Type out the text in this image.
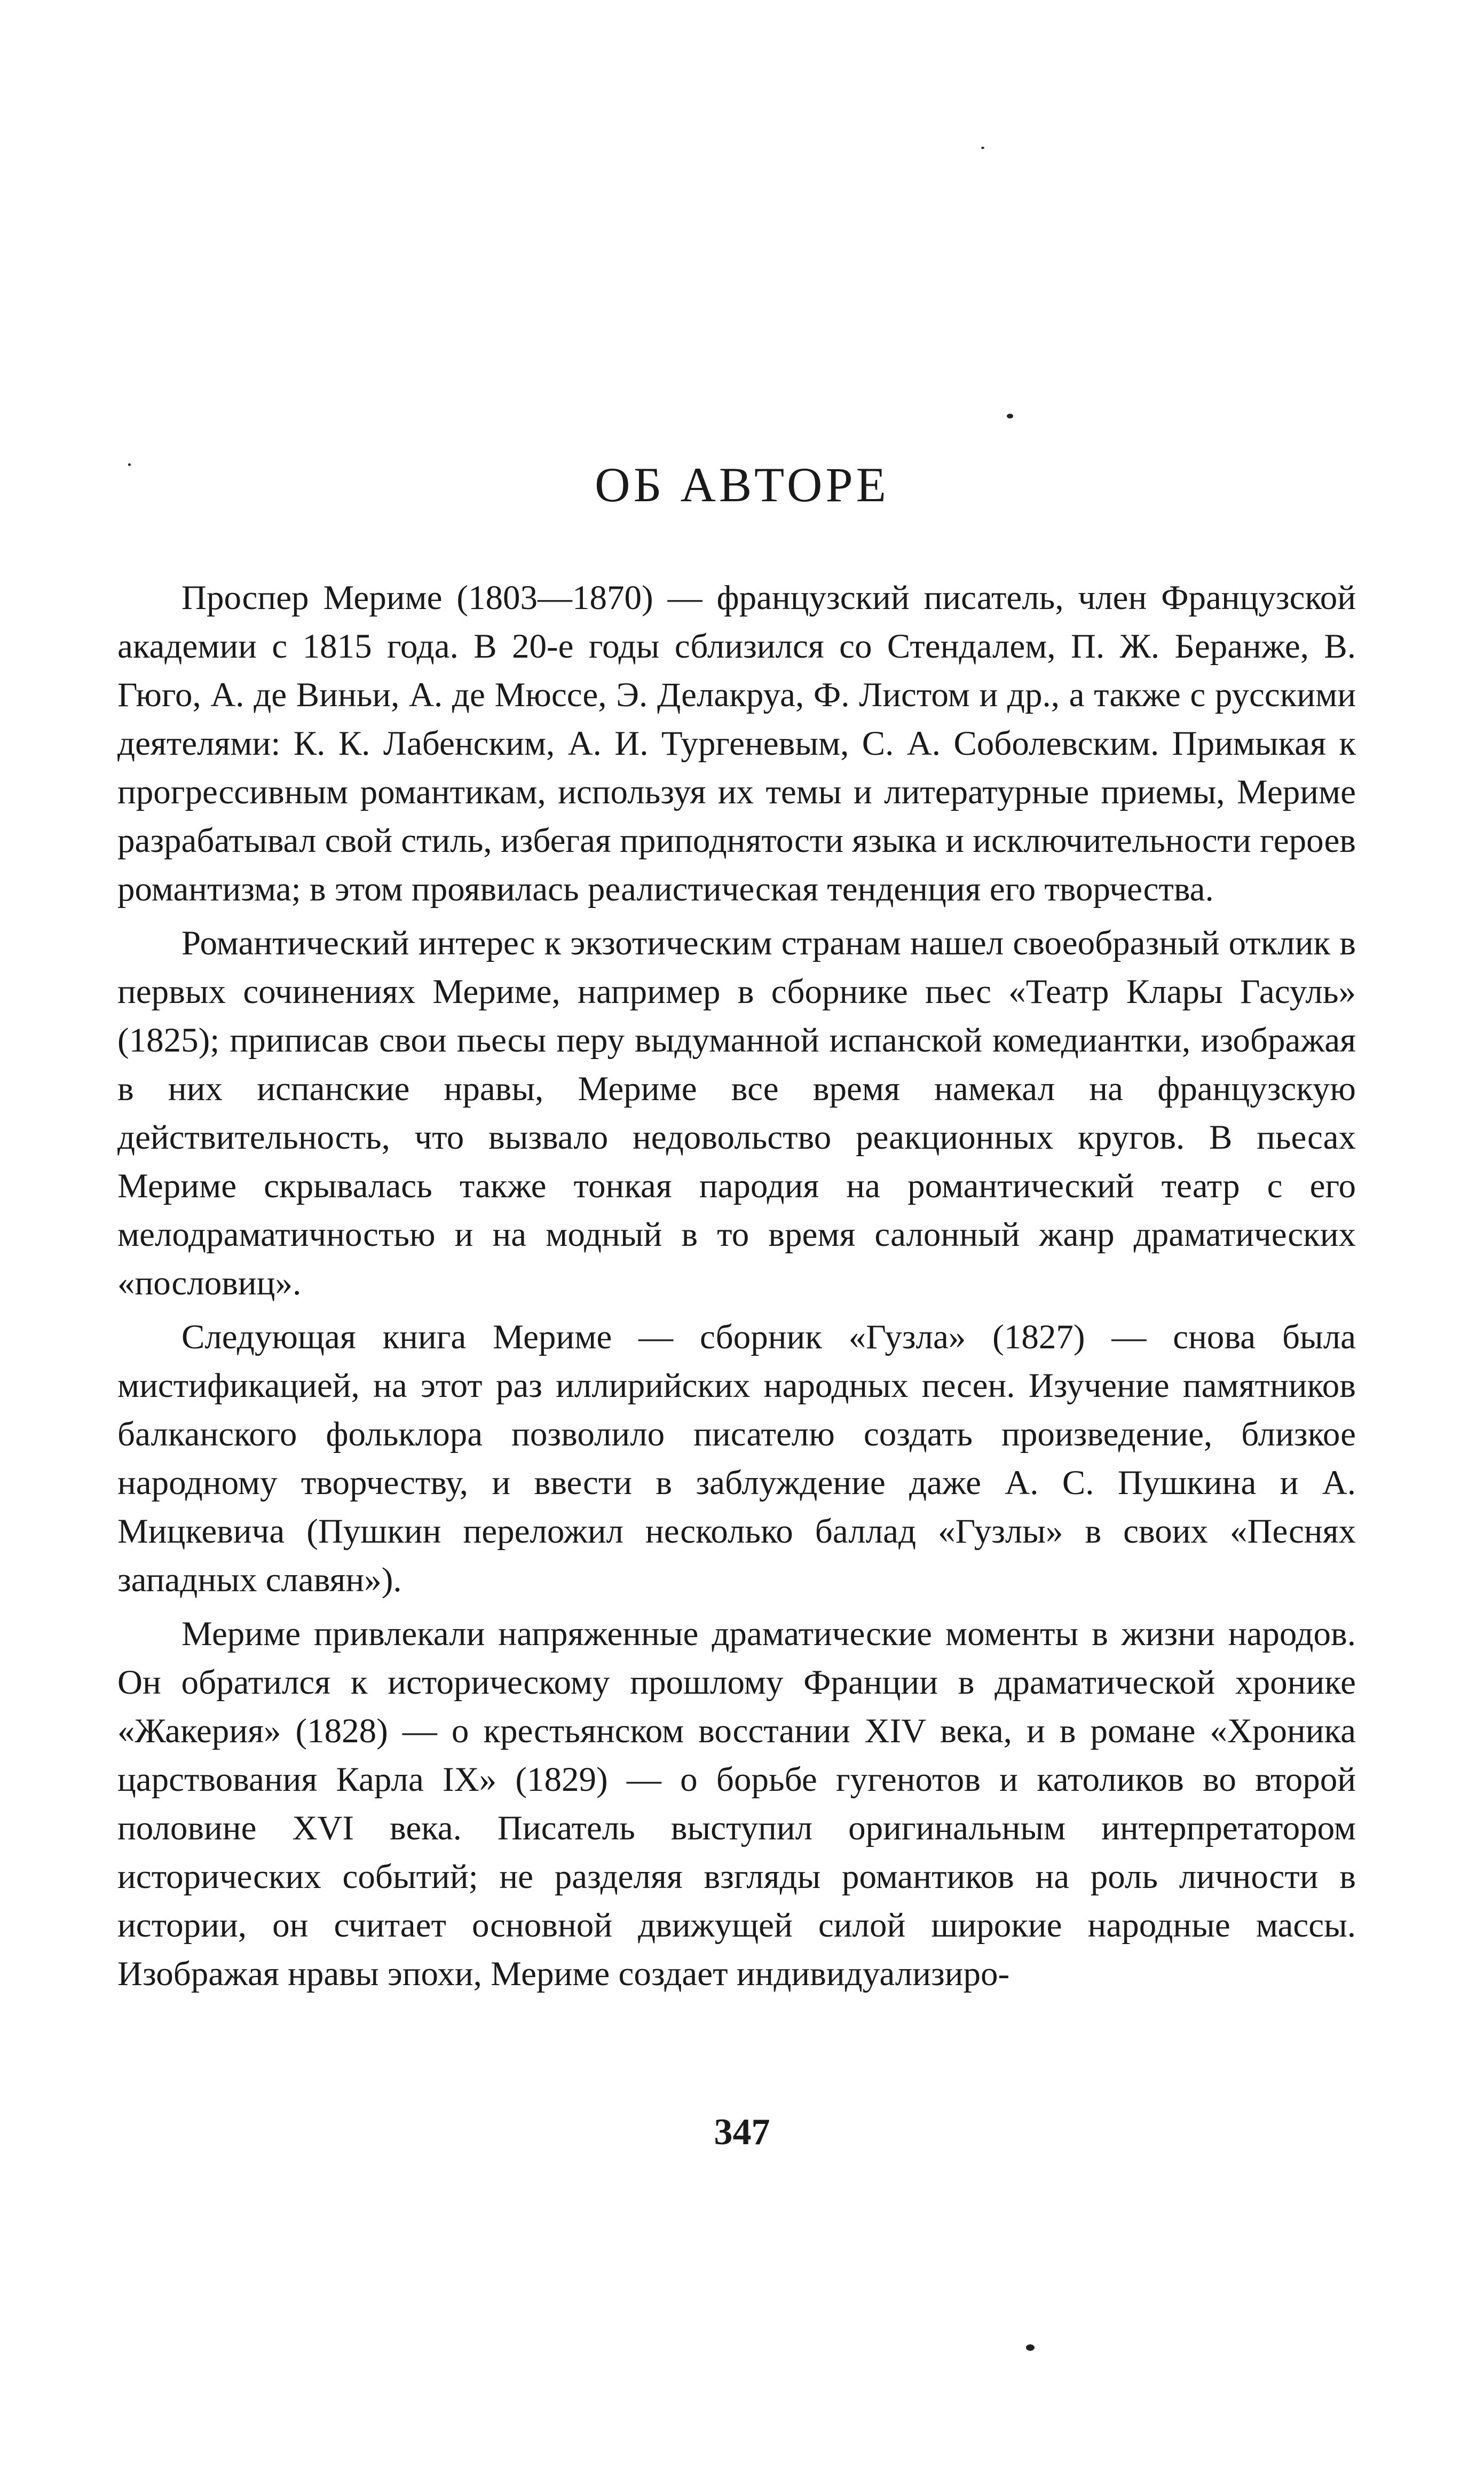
ОБ АВТОРЕ

Проспер Мериме (1803—1870) — французский писатель, член Французской академии с 1815 года. В 20-е годы сблизился со Стендалем, П. Ж. Беранже, В. Гюго, А. де Виньи, А. де Мюссе, Э. Делакруа, Ф. Листом и др., а также с русскими деятелями: К. К. Лабенским, А. И. Тургеневым, С. А. Соболевским. Примыкая к прогрессивным романтикам, используя их темы и литературные приемы, Мериме разрабатывал свой стиль, избегая приподнятости языка и исключительности героев романтизма; в этом проявилась реалистическая тенденция его творчества.

Романтический интерес к экзотическим странам нашел своеобразный отклик в первых сочинениях Мериме, например в сборнике пьес «Театр Клары Гасуль» (1825); приписав свои пьесы перу выдуманной испанской комедиантки, изображая в них испанские нравы, Мериме все время намекал на французскую действительность, что вызвало недовольство реакционных кругов. В пьесах Мериме скрывалась также тонкая пародия на романтический театр с его мелодраматичностью и на модный в то время салонный жанр драматических «пословиц».

Следующая книга Мериме — сборник «Гузла» (1827) — снова была мистификацией, на этот раз иллирийских народных песен. Изучение памятников балканского фольклора позволило писателю создать произведение, близкое народному творчеству, и ввести в заблуждение даже А. С. Пушкина и А. Мицкевича (Пушкин переложил несколько баллад «Гузлы» в своих «Песнях западных славян»).

Мериме привлекали напряженные драматические моменты в жизни народов. Он обратился к историческому прошлому Франции в драматической хронике «Жакерия» (1828) — о крестьянском восстании XIV века, и в романе «Хроника царствования Карла IX» (1829) — о борьбе гугенотов и католиков во второй половине XVI века. Писатель выступил оригинальным интерпретатором исторических событий; не разделяя взгляды романтиков на роль личности в истории, он считает основной движущей силой широкие народные массы. Изображая нравы эпохи, Мериме создает индивидуализиро-

347
